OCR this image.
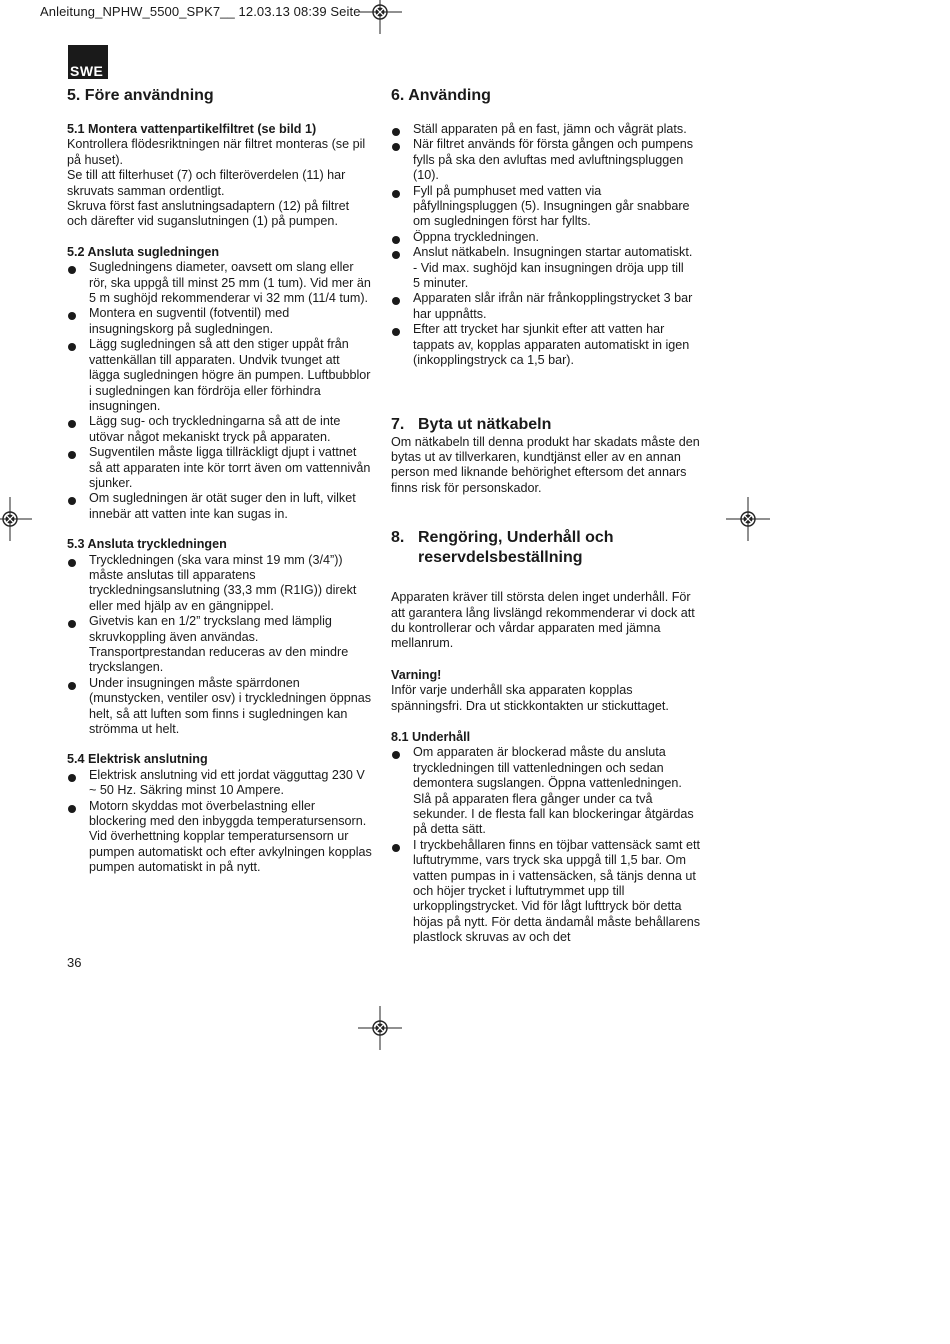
Anleitung_NPHW_5500_SPK7__ 12.03.13 08:39 Seite
SWE
5. Före användning
5.1 Montera vattenpartikelfiltret (se bild 1)

Kontrollera flödesriktningen när filtret monteras (se pil på huset).

Se till att filterhuset (7) och filteröverdelen (11) har skruvats samman ordentligt.

Skruva först fast anslutningsadaptern (12) på filtret och därefter vid suganslutningen (1) på pumpen.

5.2 Ansluta sugledningen
Sugledningens diameter, oavsett om slang eller rör, ska uppgå till minst 25 mm (1 tum). Vid mer än 5 m sughöjd rekommenderar vi 32 mm (11/4 tum).
Montera en sugventil (fotventil) med insugningskorg på sugledningen.
Lägg sugledningen så att den stiger uppåt från vattenkällan till apparaten. Undvik tvunget att lägga sugledningen högre än pumpen. Luftbubblor i sugledningen kan fördröja eller förhindra insugningen.
Lägg sug- och tryckledningarna så att de inte utövar något mekaniskt tryck på apparaten.
Sugventilen måste ligga tillräckligt djupt i vattnet så att apparaten inte kör torrt även om vattennivån sjunker.
Om sugledningen är otät suger den in luft, vilket innebär att vatten inte kan sugas in.
5.3 Ansluta tryckledningen
Tryckledningen (ska vara minst 19 mm (3/4”)) måste anslutas till apparatens tryckledningsanslutning (33,3 mm (R1IG)) direkt eller med hjälp av en gängnippel.
Givetvis kan en 1/2” tryckslang med lämplig skruvkoppling även användas. Transportprestandan reduceras av den mindre tryckslangen.
Under insugningen måste spärrdonen (munstycken, ventiler osv) i tryckledningen öppnas helt, så att luften som finns i sugledningen kan strömma ut helt.
5.4 Elektrisk anslutning
Elektrisk anslutning vid ett jordat vägguttag 230 V ~ 50 Hz. Säkring minst 10 Ampere.
Motorn skyddas mot överbelastning eller blockering med den inbyggda temperatursensorn. Vid överhettning kopplar temperatursensorn ur pumpen automatiskt och efter avkylningen kopplas pumpen automatiskt in på nytt.
6. Använding
Ställ apparaten på en fast, jämn och vågrät plats.
När filtret används för första gången och pumpens fylls på ska den avluftas med avluftningspluggen (10).
Fyll på pumphuset med vatten via påfyllningspluggen (5). Insugningen går snabbare om sugledningen först har fyllts.
Öppna tryckledningen.
Anslut nätkabeln. Insugningen startar automatiskt.
- Vid max. sughöjd kan insugningen dröja upp till
5 minuter.
Apparaten slår ifrån när frånkopplingstrycket 3 bar har uppnåtts.
Efter att trycket har sjunkit efter att vatten har tappats av, kopplas apparaten automatiskt in igen (inkopplingstryck ca 1,5 bar).
7. Byta ut nätkabeln

Om nätkabeln till denna produkt har skadats måste den bytas ut av tillverkaren, kundtjänst eller av en annan person med liknande behörighet eftersom det annars finns risk för personskador.

8. Rengöring, Underhåll och
reservdelsbeställning

Apparaten kräver till största delen inget underhåll. För att garantera lång livslängd rekommenderar vi dock att du kontrollerar och vårdar apparaten med jämna mellanrum.

Varning!

Inför varje underhåll ska apparaten kopplas spänningsfri. Dra ut stickkontakten ur stickuttaget.

8.1 Underhåll
Om apparaten är blockerad måste du ansluta tryckledningen till vattenledningen och sedan demontera sugslangen. Öppna vattenledningen. Slå på apparaten flera gånger under ca två sekunder. I de flesta fall kan blockeringar åtgärdas på detta sätt.
I tryckbehållaren finns en töjbar vattensäck samt ett luftutrymme, vars tryck ska uppgå till 1,5 bar. Om vatten pumpas in i vattensäcken, så tänjs denna ut och höjer trycket i luftutrymmet upp till urkopplingstrycket. Vid för lågt lufttryck bör detta höjas på nytt. För detta ändamål måste behållarens plastlock skruvas av och det
36
